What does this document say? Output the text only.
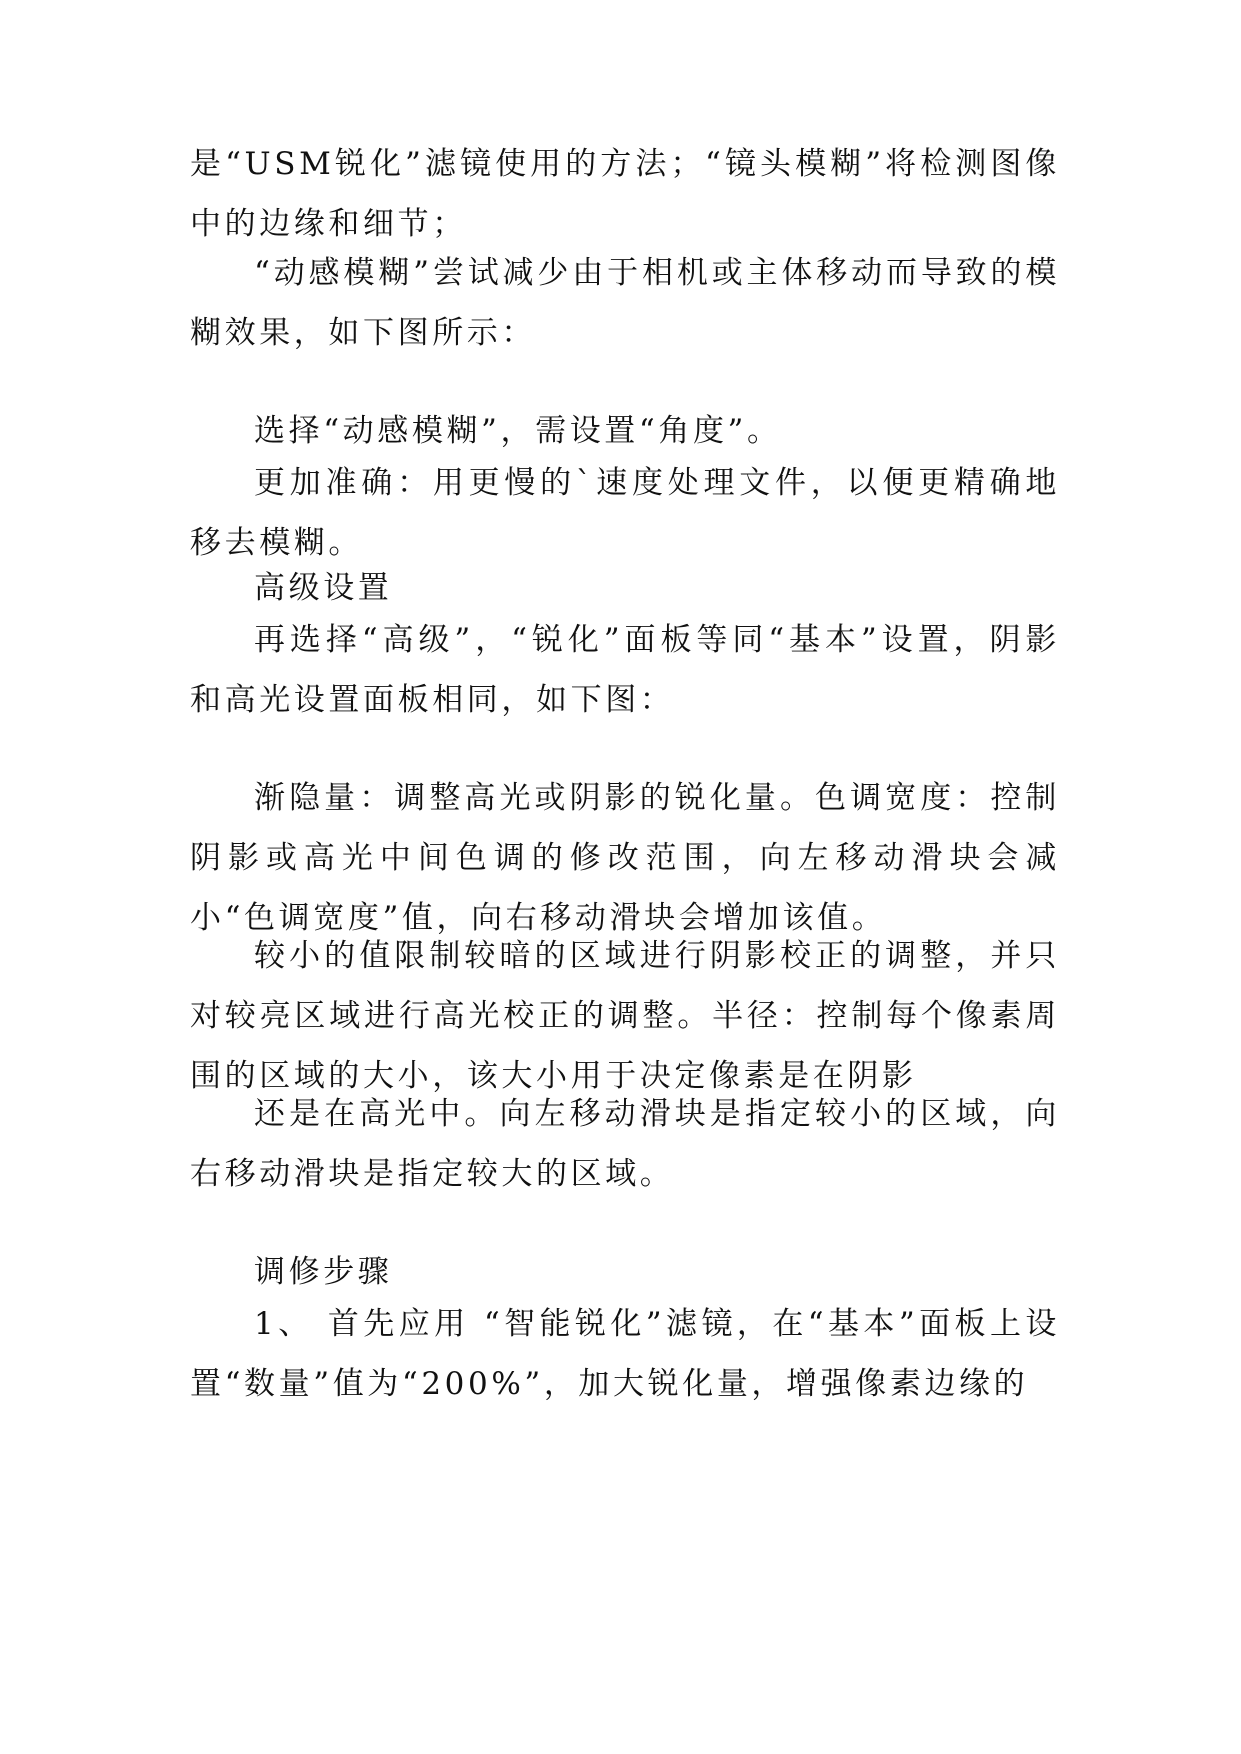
是“USM锐化”滤镜使用的方法；“镜头模糊”将检测图像中的边缘和细节；

“动感模糊”尝试减少由于相机或主体移动而导致的模糊效果，如下图所示：

选择“动感模糊”，需设置“角度”。

更加准确：用更慢的`速度处理文件，以便更精确地移去模糊。

高级设置

再选择“高级”，“锐化”面板等同“基本”设置，阴影和高光设置面板相同，如下图：

渐隐量：调整高光或阴影的锐化量。色调宽度：控制阴影或高光中间色调的修改范围，向左移动滑块会减小“色调宽度”值，向右移动滑块会增加该值。

较小的值限制较暗的区域进行阴影校正的调整，并只对较亮区域进行高光校正的调整。半径：控制每个像素周围的区域的大小，该大小用于决定像素是在阴影

还是在高光中。向左移动滑块是指定较小的区域，向右移动滑块是指定较大的区域。

调修步骤

1、 首先应用 “智能锐化”滤镜，在“基本”面板上设置“数量”值为“200%”，加大锐化量，增强像素边缘的
